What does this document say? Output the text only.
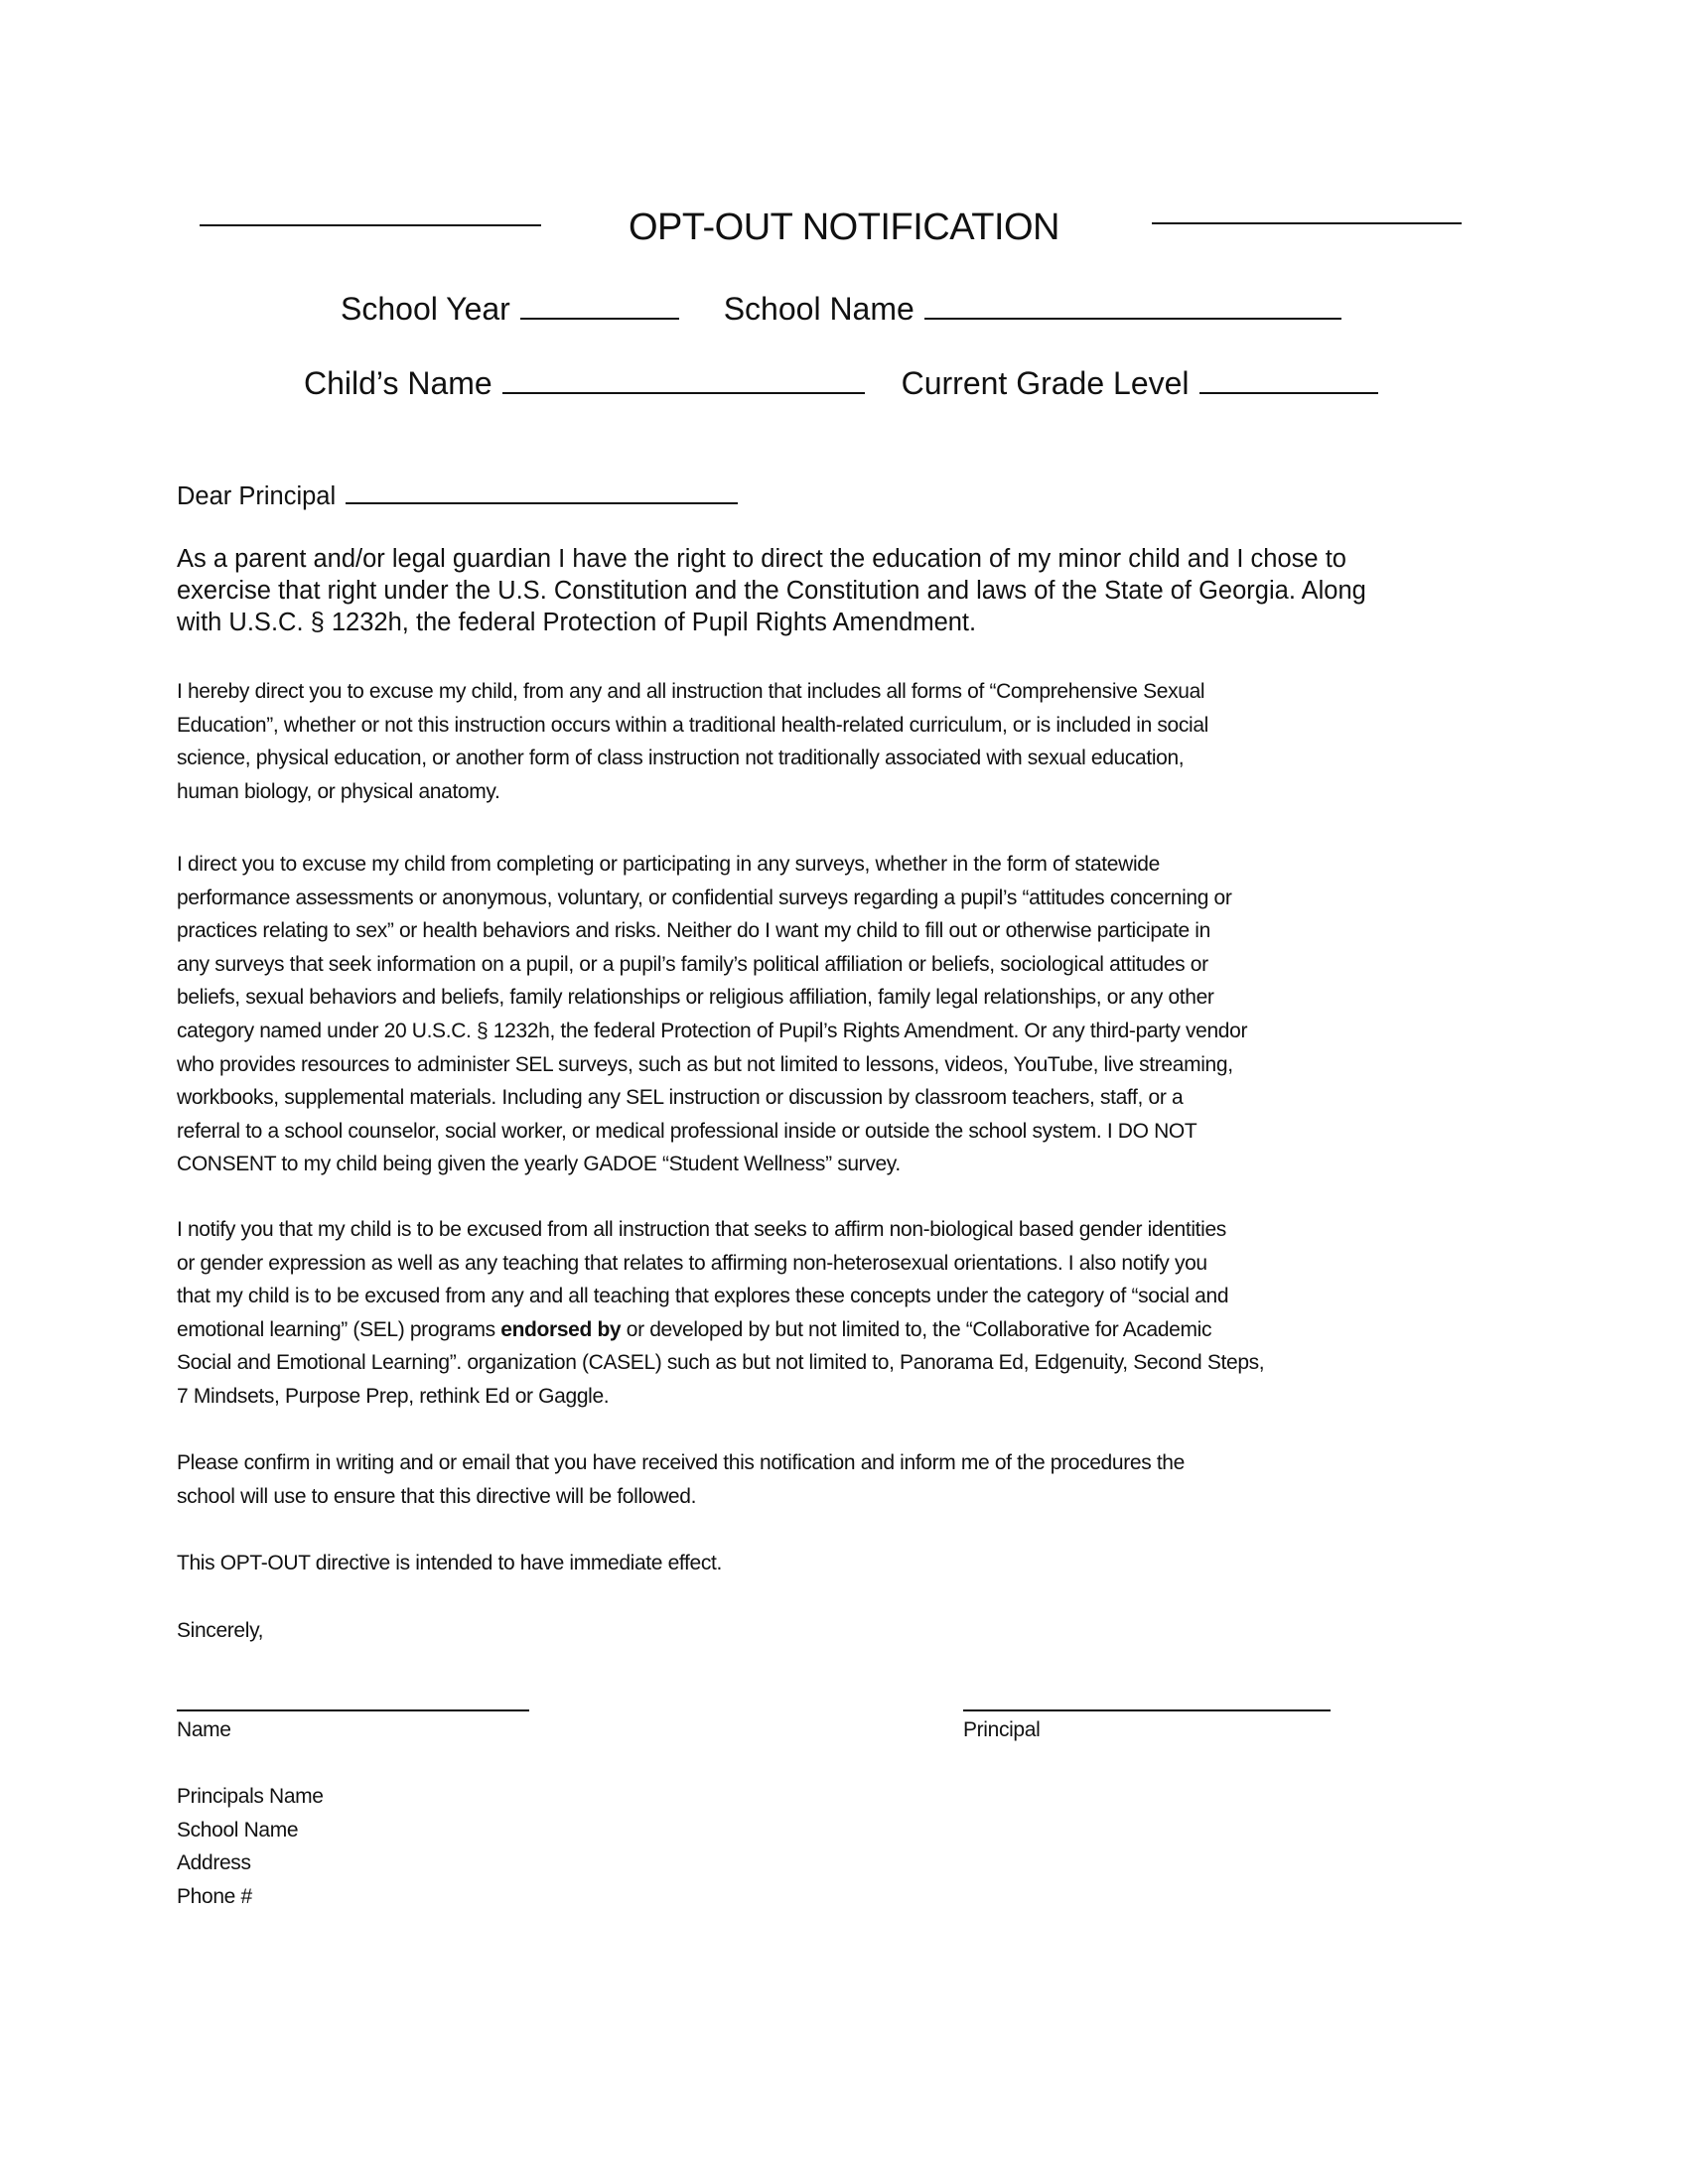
OPT-OUT NOTIFICATION
School Year	School Name
Child’s Name	Current Grade Level
Dear Principal
As a parent and/or legal guardian I have the right to direct the education of my minor child and I chose to
exercise that right under the U.S. Constitution and the Constitution and laws of the State of Georgia. Along
with U.S.C. § 1232h, the federal Protection of Pupil Rights Amendment.
I hereby direct you to excuse my child, from any and all instruction that includes all forms of “Comprehensive Sexual
Education”, whether or not this instruction occurs within a traditional health-related curriculum, or is included in social
science, physical education, or another form of class instruction not traditionally associated with sexual education,
human biology, or physical anatomy.
I direct you to excuse my child from completing or participating in any surveys, whether in the form of statewide
performance assessments or anonymous, voluntary, or confidential surveys regarding a pupil’s “attitudes concerning or
practices relating to sex” or health behaviors and risks. Neither do I want my child to fill out or otherwise participate in
any surveys that seek information on a pupil, or a pupil’s family’s political affiliation or beliefs, sociological attitudes or
beliefs, sexual behaviors and beliefs, family relationships or religious affiliation, family legal relationships, or any other
category named under 20 U.S.C. § 1232h, the federal Protection of Pupil’s Rights Amendment. Or any third-party vendor
who provides resources to administer SEL surveys, such as but not limited to lessons, videos, YouTube, live streaming,
workbooks, supplemental materials. Including any SEL instruction or discussion by classroom teachers, staff, or a
referral to a school counselor, social worker, or medical professional inside or outside the school system. I DO NOT
CONSENT to my child being given the yearly GADOE “Student Wellness” survey.
I notify you that my child is to be excused from all instruction that seeks to affirm non-biological based gender identities
or gender expression as well as any teaching that relates to affirming non-heterosexual orientations. I also notify you
that my child is to be excused from any and all teaching that explores these concepts under the category of “social and
emotional learning” (SEL) programs endorsed by or developed by but not limited to, the “Collaborative for Academic
Social and Emotional Learning”. organization (CASEL) such as but not limited to, Panorama Ed, Edgenuity, Second Steps,
7 Mindsets, Purpose Prep, rethink Ed or Gaggle.
Please confirm in writing and or email that you have received this notification and inform me of the procedures the
school will use to ensure that this directive will be followed.
This OPT-OUT directive is intended to have immediate effect.
Sincerely,
Name	Principal
Principals Name
School Name
Address
Phone #
